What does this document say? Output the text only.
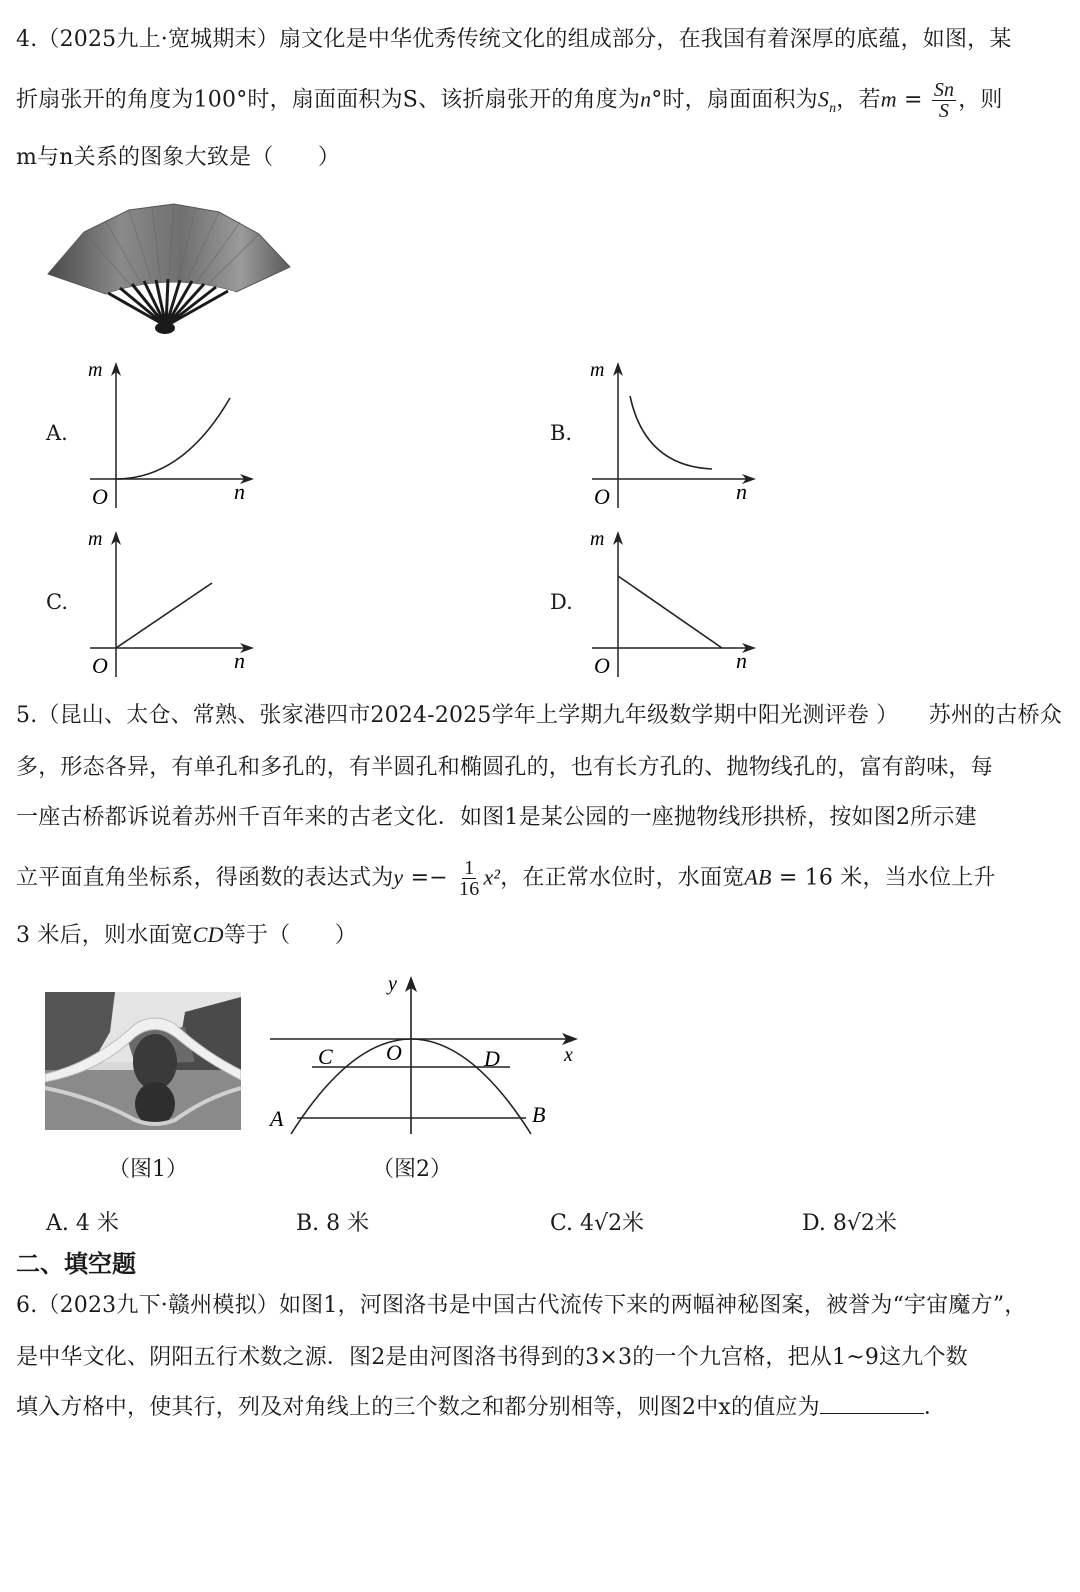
4.（2025九上·宽城期末）扇文化是中华优秀传统文化的组成部分，在我国有着深厚的底蕴，如图，某
折扇张开的角度为100°时，扇面面积为S、该折扇张开的角度为n°时，扇面面积为$S_n$，若$m = \frac{Sn}{S}$ ，则
m与n关系的图象大致是（　　）
A.
m
n
O
B.
m
n
O
C.
m
n
O
D.
m
n
O
5.（昆山、太仓、常熟、张家港四市2024-2025学年上学期九年级数学期中阳光测评卷 ） 苏州的古桥众
多，形态各异，有单孔和多孔的，有半圆孔和椭圆孔的，也有长方孔的、抛物线孔的，富有韵味，每
一座古桥都诉说着苏州千百年来的古老文化．如图1是某公园的一座抛物线形拱桥，按如图2所示建
立平面直角坐标系，得函数的表达式为$y =- \frac{1}{16} x^2$，在正常水位时，水面宽AB = 16 米，当水位上升
3 米后，则水面宽CD等于（　　）
（图1）
y
x
O
C	D
A	B
（图2）
A. 4 米	B. 8 米	C. 4√2米	D. 8√2米
二、填空题
6.（2023九下·赣州模拟）如图1，河图洛书是中国古代流传下来的两幅神秘图案，被誉为“宇宙魔方”，
是中华文化、阴阳五行术数之源．图2是由河图洛书得到的3×3的一个九宫格，把从1~9这九个数
填入方格中，使其行，列及对角线上的三个数之和都分别相等，则图2中x的值应为	．
